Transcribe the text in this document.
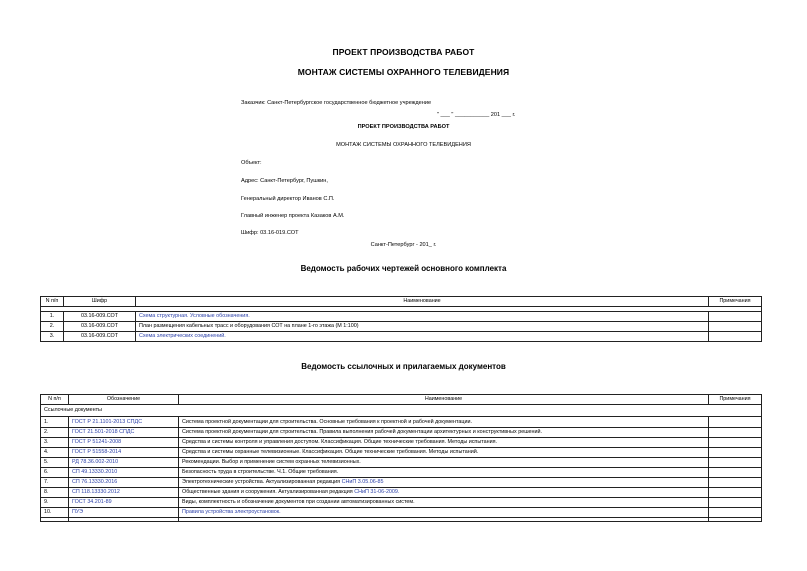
ПРОЕКТ ПРОИЗВОДСТВА РАБОТ
МОНТАЖ СИСТЕМЫ ОХРАННОГО ТЕЛЕВИДЕНИЯ
Заказчик: Санкт-Петербургское государственное бюджетное учреждение
" ___ " ___________ 201 ___ г.
ПРОЕКТ ПРОИЗВОДСТВА РАБОТ
МОНТАЖ СИСТЕМЫ ОХРАННОГО ТЕЛЕВИДЕНИЯ
Объект:
Адрес: Санкт-Петербург, Пушкин,
Генеральный директор Иванов С.П.
Главный инженер проекта Казаков А.М.
Шифр: 03.16-019.СОТ
Санкт-Петербург - 201_ г.
Ведомость рабочих чертежей основного комплекта
N п/п	Шифр	Наименование	Примечания

1.	03.16-009.СОТ	Схема структурная. Условные обозначения.	
2.	03.16-009.СОТ	План размещения кабельных трасс и оборудования СОТ на плане 1-го этажа (М 1:100)	
3.	03.16-009.СОТ	Схема электрических соединений.	
Ведомость ссылочных и прилагаемых документов
N п/п	Обозначение	Наименование	Примечания
Ссылочные документы			
1.	ГОСТ Р 21.1101-2013 СПДС	Система проектной документации для строительства. Основные требования к проектной и рабочей документации.	
2.	ГОСТ 21.501-2018 СПДС	Система проектной документации для строительства. Правила выполнения рабочей документации архитектурных и конструктивных решений.	
3.	ГОСТ Р 51241-2008	Средства и системы контроля и управления доступом. Классификация. Общие технические требования. Методы испытания.	
4.	ГОСТ Р 51558-2014	Средства и системы охранные телевизионные. Классификация. Общие технические требования. Методы испытаний.	
5.	РД 78.36.002-2010	Рекомендации. Выбор и применение систем охранных телевизионных.	
6.	СП 49.13330.2010	Безопасность труда в строительстве. Ч.1. Общие требования.	
7.	СП 76.13330.2016	Электротехнические устройства. Актуализированная редакция СНиП 3.05.06-85	
8.	СП 118.13330.2012	Общественные здания и сооружения. Актуализированная редакция СНиП 31-06-2009.	
9.	ГОСТ 34.201-89	Виды, комплектность и обозначение документов при создании автоматизированных систем.	
10.	ПУЭ	Правила устройства электроустановок.	
